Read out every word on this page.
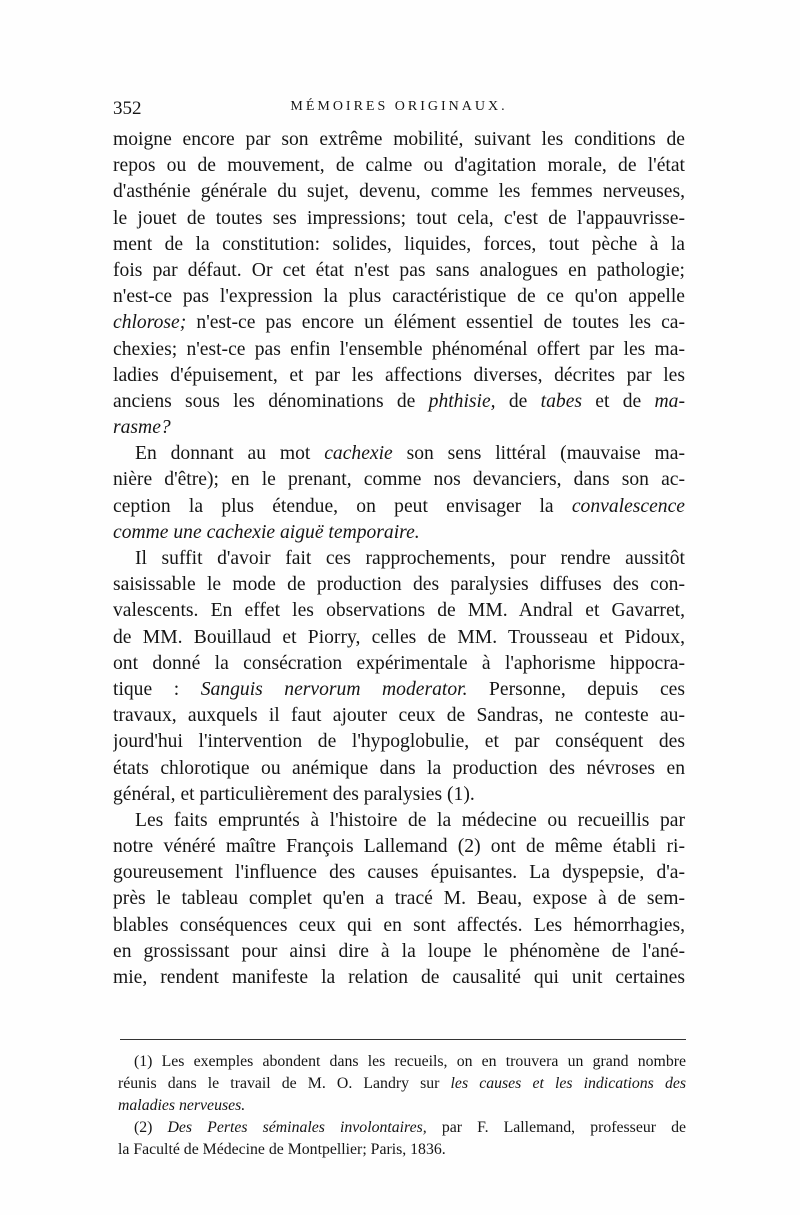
352	MÉMOIRES ORIGINAUX.
moigne encore par son extrême mobilité, suivant les conditions de
repos ou de mouvement, de calme ou d'agitation morale, de l'état
d'asthénie générale du sujet, devenu, comme les femmes nerveuses,
le jouet de toutes ses impressions; tout cela, c'est de l'appauvrisse-
ment de la constitution: solides, liquides, forces, tout pèche à la
fois par défaut. Or cet état n'est pas sans analogues en pathologie;
n'est-ce pas l'expression la plus caractéristique de ce qu'on appelle
chlorose; n'est-ce pas encore un élément essentiel de toutes les ca-
chexies; n'est-ce pas enfin l'ensemble phénoménal offert par les ma-
ladies d'épuisement, et par les affections diverses, décrites par les
anciens sous les dénominations de phthisie, de tabes et de ma-
rasme?
En donnant au mot cachexie son sens littéral (mauvaise ma-
nière d'être); en le prenant, comme nos devanciers, dans son ac-
ception la plus étendue, on peut envisager la convalescence
comme une cachexie aiguë temporaire.
Il suffit d'avoir fait ces rapprochements, pour rendre aussitôt
saisissable le mode de production des paralysies diffuses des con-
valescents. En effet les observations de MM. Andral et Gavarret,
de MM. Bouillaud et Piorry, celles de MM. Trousseau et Pidoux,
ont donné la consécration expérimentale à l'aphorisme hippocra-
tique : Sanguis nervorum moderator. Personne, depuis ces
travaux, auxquels il faut ajouter ceux de Sandras, ne conteste au-
jourd'hui l'intervention de l'hypoglobulie, et par conséquent des
états chlorotique ou anémique dans la production des névroses en
général, et particulièrement des paralysies (1).
Les faits empruntés à l'histoire de la médecine ou recueillis par
notre vénéré maître François Lallemand (2) ont de même établi ri-
goureusement l'influence des causes épuisantes. La dyspepsie, d'a-
près le tableau complet qu'en a tracé M. Beau, expose à de sem-
blables conséquences ceux qui en sont affectés. Les hémorrhagies,
en grossissant pour ainsi dire à la loupe le phénomène de l'ané-
mie, rendent manifeste la relation de causalité qui unit certaines
(1) Les exemples abondent dans les recueils, on en trouvera un grand nombre
réunis dans le travail de M. O. Landry sur les causes et les indications des
maladies nerveuses.
(2) Des Pertes séminales involontaires, par F. Lallemand, professeur de
la Faculté de Médecine de Montpellier; Paris, 1836.
